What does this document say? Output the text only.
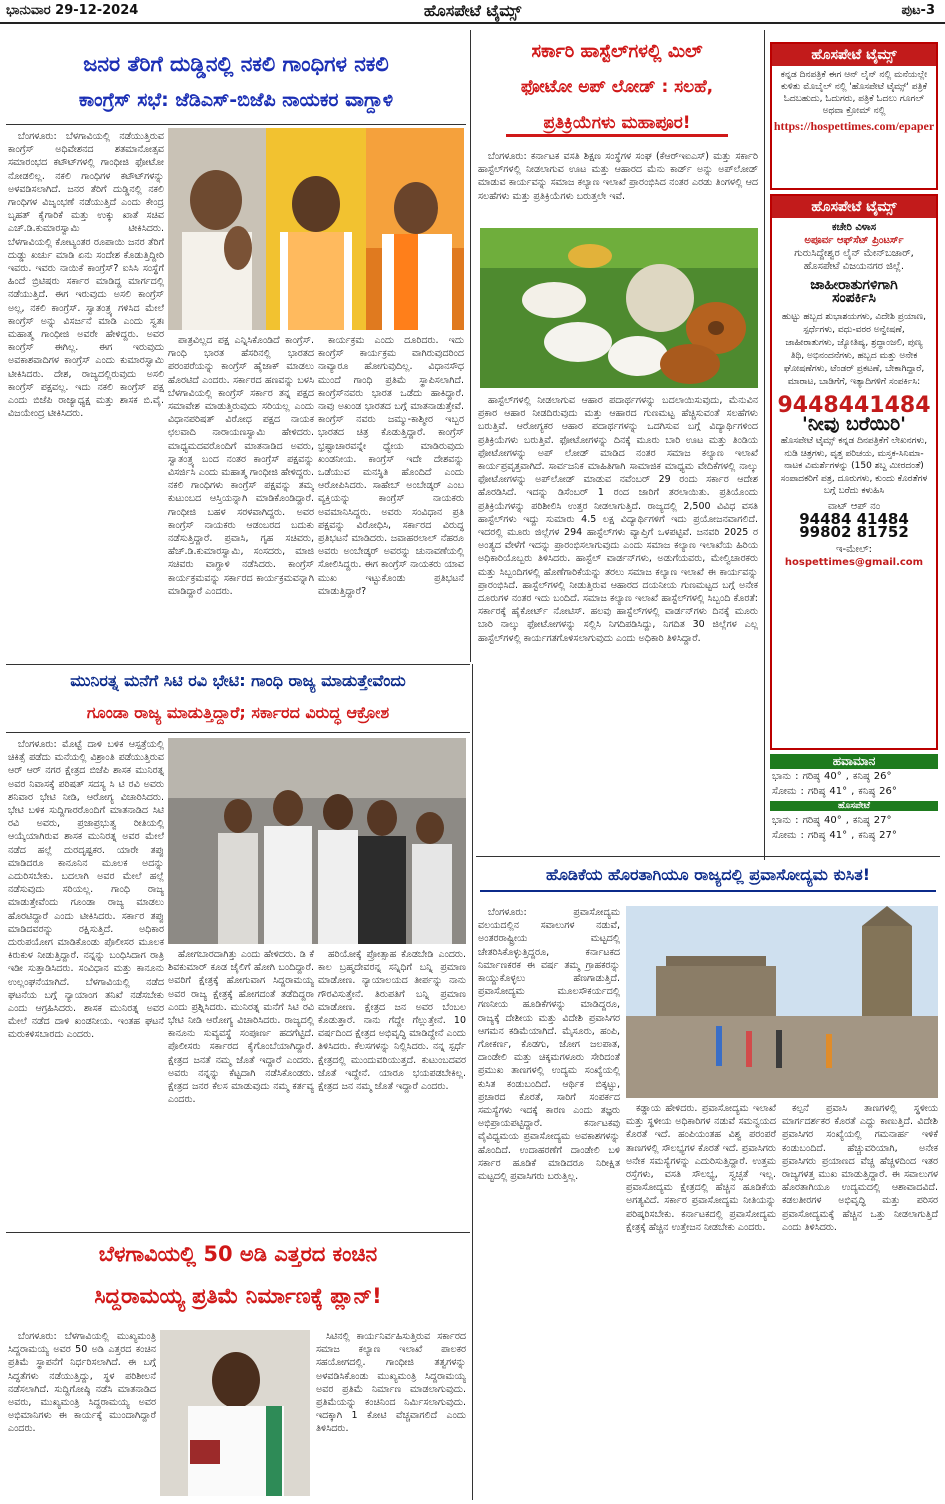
ಭಾನುವಾರ 29-12-2024	ಹೊಸಪೇಟೆ ಟೈಮ್ಸ್	ಪುಟ-3
ಜನರ ತೆರಿಗೆ ದುಡ್ಡಿನಲ್ಲಿ ನಕಲಿ ಗಾಂಧಿಗಳ ನಕಲಿ
ಕಾಂಗ್ರೆಸ್ ಸಭೆ: ಜೆಡಿಎಸ್-ಬಿಜೆಪಿ ನಾಯಕರ ವಾಗ್ದಾಳಿ

ಬೆಂಗಳೂರು: ಬೆಳಗಾವಿಯಲ್ಲಿ ನಡೆಯುತ್ತಿರುವ ಕಾಂಗ್ರೆಸ್ ಅಧಿವೇಶನದ ಶತಮಾನೋತ್ಸವ ಸಮಾರಂಭದ ಕಟೌಟ್‌ಗಳಲ್ಲಿ ಗಾಂಧೀಜಿ ಫೋಟೋ ನೋಡಲಿಲ್ಲ. ನಕಲಿ ಗಾಂಧಿಗಳ ಕಟೌಟ್‌ಗಳನ್ನು ಅಳವಡಿಸಲಾಗಿದೆ. ಜನರ ತೆರಿಗೆ ದುಡ್ಡಿನಲ್ಲಿ ನಕಲಿ ಗಾಂಧಿಗಳ ವಿಜೃಂಭಣೆ ನಡೆಯುತ್ತಿದೆ ಎಂದು ಕೇಂದ್ರ ಬೃಹತ್ ಕೈಗಾರಿಕೆ ಮತ್ತು ಉಕ್ಕು ಖಾತೆ ಸಚಿವ ಎಚ್.ಡಿ.ಕುಮಾರಸ್ವಾಮಿ ಟೀಕಿಸಿದರು. ಬೆಳಗಾವಿಯಲ್ಲಿ ಕೋಟ್ಯಂತರ ರೂಪಾಯಿ ಜನರ ತೆರಿಗೆ ದುಡ್ಡು ಖರ್ಚು ಮಾಡಿ ಏನು ಸಂದೇಶ ಕೊಡುತ್ತಿದ್ದೀರಿ ಇವರು. ಇವರು ನಾಯಿಕೆ ಕಾಂಗ್ರೆಸ್? ಐಸಿಸಿ ಸಂಸ್ಥೆಗೆ ಹಿಂದೆ ಬ್ರಿಟಿಷರು ಸರ್ಕಾರ ಮಾಡಿದ್ದ ಮಾರ್ಗದಲ್ಲಿ ನಡೆಯುತ್ತಿದೆ. ಈಗ ಇರುವುದು ಅಸಲಿ ಕಾಂಗ್ರೆಸ್ ಅಲ್ಲ, ನಕಲಿ ಕಾಂಗ್ರೆಸ್. ಸ್ವಾತಂತ್ರ್ಯ ಗಳಿಸಿದ ಮೇಲೆ ಕಾಂಗ್ರೆಸ್ ಅನ್ನು ವಿಸರ್ಜನೆ ಮಾಡಿ ಎಂದು ಸ್ವತಃ ಮಹಾತ್ಮ ಗಾಂಧೀಜಿ ಅವರೇ ಹೇಳಿದ್ದರು. ಅವರ ಕಾಂಗ್ರೆಸ್ ಈಗಿಲ್ಲ. ಈಗ ಇರುವುದು ಅವಕಾಶವಾದಿಗಳ ಕಾಂಗ್ರೆಸ್ ಎಂದು ಕುಮಾರಸ್ವಾಮಿ ಟೀಕಿಸಿದರು. ದೇಶ, ರಾಜ್ಯದಲ್ಲಿರುವುದು ಅಸಲಿ ಕಾಂಗ್ರೆಸ್ ಪಕ್ಷವಲ್ಲ. ಇದು ನಕಲಿ ಕಾಂಗ್ರೆಸ್ ಪಕ್ಷ ಎಂದು ಬಿಜೆಪಿ ರಾಜ್ಯಾಧ್ಯಕ್ಷ ಮತ್ತು ಶಾಸಕ ಬಿ.ವೈ. ವಿಜಯೇಂದ್ರ ಟೀಕಿಸಿದರು.

ಪಾತ್ರವಿಲ್ಲದ ಪಕ್ಷ ಎನ್ನಿಸಿಕೊಂಡಿದೆ ಕಾಂಗ್ರೆಸ್. ಗಾಂಧಿ ಭಾರತ ಹೆಸರಿನಲ್ಲಿ ಭಾರತದ ಪರಂಪರೆಯನ್ನು ಕಾಂಗ್ರೆಸ್ ಹೈಜಾಕ್ ಮಾಡಲು ಹೊರಟಿದೆ ಎಂದರು. ಸರ್ಕಾರದ ಹಣವನ್ನು ಬಳಸಿ ಬೆಳಗಾವಿಯಲ್ಲಿ ಕಾಂಗ್ರೆಸ್ ಸರ್ಕಾರ ತನ್ನ ಪಕ್ಷದ ಸಮಾವೇಶ ಮಾಡುತ್ತಿರುವುದು ಸರಿಯಲ್ಲ ಎಂದು ವಿಧಾನಪರಿಷತ್ ವಿರೋಧ ಪಕ್ಷದ ನಾಯಕ ಛಲವಾದಿ ನಾರಾಯಣಸ್ವಾಮಿ ಹೇಳಿದರು. ಮಾಧ್ಯಮದವರೊಂದಿಗೆ ಮಾತನಾಡಿದ ಅವರು, ಸ್ವಾತಂತ್ರ್ಯ ಬಂದ ನಂತರ ಕಾಂಗ್ರೆಸ್ ಪಕ್ಷವನ್ನು ವಿಸರ್ಜಿಸಿ ಎಂದು ಮಹಾತ್ಮ ಗಾಂಧೀಜಿ ಹೇಳಿದ್ದರು. ನಕಲಿ ಗಾಂಧಿಗಳು ಕಾಂಗ್ರೆಸ್ ಪಕ್ಷವನ್ನು ತಮ್ಮ ಕುಟುಂಬದ ಆಸ್ತಿಯನ್ನಾಗಿ ಮಾಡಿಕೊಂಡಿದ್ದಾರೆ. ಗಾಂಧೀಜಿ ಬಹಳ ಸರಳವಾಗಿದ್ದರು. ಅವರ ಕಾಂಗ್ರೆಸ್ ನಾಯಕರು ಆಡಂಬರದ ಬದುಕು ನಡೆಸುತ್ತಿದ್ದಾರೆ. ಪ್ರವಾಸಿ, ಗೃಹ ಸಚಿವರು, ಹೆಚ್.ಡಿ.ಕುಮಾರಸ್ವಾಮಿ, ಸಂಸದರು, ಮಾಜಿ ಸಚಿವರು ವಾಗ್ದಾಳಿ ನಡೆಸಿದರು. ಕಾಂಗ್ರೆಸ್ ಕಾರ್ಯಕ್ರಮವನ್ನು ಸರ್ಕಾರದ ಕಾರ್ಯಕ್ರಮವನ್ನಾಗಿ ಮಾಡಿದ್ದಾರೆ ಎಂದರು.

ಕಾರ್ಯಕ್ರಮ ಎಂದು ದೂರಿದರು. ಇದು ಕಾಂಗ್ರೆಸ್ ಕಾರ್ಯಕ್ರಮ ವಾಗಿರುವುದರಿಂದ ನಾವ್ಯಾರೂ ಹೋಗುವುದಿಲ್ಲ. ವಿಧಾನಸೌಧ ಮುಂದೆ ಗಾಂಧಿ ಪ್ರತಿಮೆ ಸ್ಥಾಪಿಸಲಾಗಿದೆ. ಕಾಂಗ್ರೆಸ್‌ನವರು ಭಾರತ ಒಡೆದು ಹಾಕಿದ್ದಾರೆ. ನಾವು ಅಖಂಡ ಭಾರತದ ಬಗ್ಗೆ ಮಾತನಾಡುತ್ತೇವೆ. ಕಾಂಗ್ರೆಸ್ ನವರು ಜಮ್ಮು-ಕಾಶ್ಮೀರ ಇಬ್ಬರ ಭಾರತದ ಚಿತ್ರ ಕೊಡುತ್ತಿದ್ದಾರೆ. ಕಾಂಗ್ರೆಸ್ ಭ್ರಷ್ಟಾಚಾರವನ್ನೇ ಧ್ಯೇಯ ಮಾಡಿರುವುದು ಖಂಡನೀಯ. ಕಾಂಗ್ರೆಸ್ ಇದೇ ದೇಶವನ್ನು ಒಡೆಯುವ ಮನಸ್ಥಿತಿ ಹೊಂದಿದೆ ಎಂದು ಆರೋಪಿಸಿದರು. ಸಾಹೇಬ್ ಅಂಬೇಡ್ಕರ್ ಎಂಬ ವ್ಯಕ್ತಿಯನ್ನು ಕಾಂಗ್ರೆಸ್ ನಾಯಕರು ಅವಮಾನಿಸಿದ್ದರು. ಅವರು ಸಂವಿಧಾನ ಪ್ರತಿ ಪಕ್ಷವನ್ನು ವಿರೋಧಿಸಿ, ಸರ್ಕಾರದ ವಿರುದ್ಧ ಪ್ರತಿಭಟನೆ ಮಾಡಿದರು. ಜವಾಹರಲಾಲ್ ನೆಹರೂ ಅವರು ಅಂಬೇಡ್ಕರ್ ಅವರನ್ನು ಚುನಾವಣೆಯಲ್ಲಿ ಸೋಲಿಸಿದ್ದರು. ಈಗ ಕಾಂಗ್ರೆಸ್ ನಾಯಕರು ಯಾವ ಮುಖ ಇಟ್ಟುಕೊಂಡು ಪ್ರತಿಭಟನೆ ಮಾಡುತ್ತಿದ್ದಾರೆ?

ಸರ್ಕಾರಿ ಹಾಸ್ಟೆಲ್‌ಗಳಲ್ಲಿ ಮಿಲ್
ಫೋಟೋ ಅಪ್ ಲೋಡ್ : ಸಲಹೆ,
ಪ್ರತಿಕ್ರಿಯೆಗಳು ಮಹಾಪೂರ!

ಬೆಂಗಳೂರು: ಕರ್ನಾಟಕ ವಸತಿ ಶಿಕ್ಷಣ ಸಂಸ್ಥೆಗಳ ಸಂಘ (ಕೆಆರ್‌ಇಐಎಸ್) ಮತ್ತು ಸರ್ಕಾರಿ ಹಾಸ್ಟೆಲ್‌ಗಳಲ್ಲಿ ನೀಡಲಾಗುವ ಊಟ ಮತ್ತು ಆಹಾರದ ಮೆನು ಕಾರ್ಡ್ ಅನ್ನು ಅಪ್‌ಲೋಡ್ ಮಾಡುವ ಕಾರ್ಯವನ್ನು ಸಮಾಜ ಕಲ್ಯಾಣ ಇಲಾಖೆ ಪ್ರಾರಂಭಿಸಿದ ನಂತರ ಎರಡು ತಿಂಗಳಲ್ಲಿ ಆದ ಸಲಹೆಗಳು ಮತ್ತು ಪ್ರತಿಕ್ರಿಯೆಗಳು ಬರುತ್ತಲೇ ಇವೆ.

ಹಾಸ್ಟೆಲ್‌ಗಳಲ್ಲಿ ನೀಡಲಾಗುವ ಆಹಾರ ಪದಾರ್ಥಗಳನ್ನು ಬದಲಾಯಿಸುವುದು, ಮೆನುವಿನ ಪ್ರಕಾರ ಆಹಾರ ನೀಡದಿರುವುದು ಮತ್ತು ಆಹಾರದ ಗುಣಮಟ್ಟ ಹೆಚ್ಚಿಸುವಂತೆ ಸಲಹೆಗಳು ಬರುತ್ತಿವೆ. ಆರೋಗ್ಯಕರ ಆಹಾರ ಪದಾರ್ಥಗಳನ್ನು ಒದಗಿಸುವ ಬಗ್ಗೆ ವಿದ್ಯಾರ್ಥಿಗಳಿಂದ ಪ್ರತಿಕ್ರಿಯೆಗಳು ಬರುತ್ತಿವೆ. ಫೋಟೋಗಳನ್ನು ದಿನಕ್ಕೆ ಮೂರು ಬಾರಿ ಊಟ ಮತ್ತು ತಿಂಡಿಯ ಫೋಟೋಗಳನ್ನು ಅಪ್ ಲೋಡ್ ಮಾಡಿದ ನಂತರ ಸಮಾಜ ಕಲ್ಯಾಣ ಇಲಾಖೆ ಕಾರ್ಯಪ್ರವೃತ್ತವಾಗಿದೆ. ಸಾರ್ವಜನಿಕ ಮಾಹಿತಿಗಾಗಿ ಸಾಮಾಜಿಕ ಮಾಧ್ಯಮ ವೇದಿಕೆಗಳಲ್ಲಿ ನಾಲ್ಕು ಫೋಟೋಗಳನ್ನು ಅಪ್‌ಲೋಡ್ ಮಾಡುವ ನವೆಂಬರ್ 29 ರಂದು ಸರ್ಕಾರ ಆದೇಶ ಹೊರಡಿಸಿದೆ. ಇದನ್ನು ಡಿಸೆಂಬರ್ 1 ರಂದ ಜಾರಿಗೆ ತರಲಾಯಿತು. ಪ್ರತಿಯೊಂದು ಪ್ರತಿಕ್ರಿಯೆಗಳನ್ನು ಪರಿಶೀಲಿಸಿ ಉತ್ತರ ನೀಡಲಾಗುತ್ತಿದೆ. ರಾಜ್ಯದಲ್ಲಿ 2,500 ವಿವಿಧ ವಸತಿ ಹಾಸ್ಟೆಲ್‌ಗಳು ಇದ್ದು ಸುಮಾರು 4.5 ಲಕ್ಷ ವಿದ್ಯಾರ್ಥಿಗಳಿಗೆ ಇದು ಪ್ರಯೋಜನವಾಗಲಿದೆ. ಇದರಲ್ಲಿ ಮೂರು ಜಿಲ್ಲೆಗಳ 294 ಹಾಸ್ಟೆಲ್‌ಗಳು ವ್ಯಾಪ್ತಿಗೆ ಒಳಪಟ್ಟಿವೆ. ಜನವರಿ 2025 ರ ಅಂತ್ಯದ ವೇಳೆಗೆ ಇದನ್ನು ಪ್ರಾರಂಭಿಸಲಾಗುವುದು ಎಂದು ಸಮಾಜ ಕಲ್ಯಾಣ ಇಲಾಖೆಯ ಹಿರಿಯ ಅಧಿಕಾರಿಯೊಬ್ಬರು ತಿಳಿಸಿದರು. ಹಾಸ್ಟೆಲ್ ವಾರ್ಡನ್‌ಗಳು, ಅಡುಗೆಯವರು, ಮೇಲ್ವಿಚಾರಕರು ಮತ್ತು ಸಿಬ್ಬಂದಿಗಳಲ್ಲಿ ಹೊಣೆಗಾರಿಕೆಯನ್ನು ತರಲು ಸಮಾಜ ಕಲ್ಯಾಣ ಇಲಾಖೆ ಈ ಕಾರ್ಯವನ್ನು ಪ್ರಾರಂಭಿಸಿದೆ. ಹಾಸ್ಟೆಲ್‌ಗಳಲ್ಲಿ ನೀಡುತ್ತಿರುವ ಆಹಾರದ ದಯನೀಯ ಗುಣಮಟ್ಟದ ಬಗ್ಗೆ ಅನೇಕ ದೂರುಗಳ ನಂತರ ಇದು ಬಂದಿದೆ. ಸಮಾಜ ಕಲ್ಯಾಣ ಇಲಾಖೆ ಹಾಸ್ಟೆಲ್‌ಗಳಲ್ಲಿ ಸಿಬ್ಬಂದಿ ಕೊರತೆ: ಸರ್ಕಾರಕ್ಕೆ ಹೈಕೋರ್ಟ್ ನೋಟಿಸ್. ಹಲವು ಹಾಸ್ಟೆಲ್‌ಗಳಲ್ಲಿ ವಾರ್ಡನ್‌ಗಳು ದಿನಕ್ಕೆ ಮೂರು ಬಾರಿ ನಾಲ್ಕು ಫೋಟೋಗಳನ್ನು ಸಲ್ಲಿಸಿ ನಿಗದಿಪಡಿಸಿದ್ದು, ನಿಗದಿತ 30 ಜಿಲ್ಲೆಗಳ ಎಲ್ಲ ಹಾಸ್ಟೆಲ್‌ಗಳಲ್ಲಿ ಕಾರ್ಯಗತಗೊಳಿಸಲಾಗುವುದು ಎಂದು ಅಧಿಕಾರಿ ತಿಳಿಸಿದ್ದಾರೆ.

ಹೊಸಪೇಟೆ ಟೈಮ್ಸ್
ಕನ್ನಡ ದಿನಪತ್ರಿಕೆ ಈಗ ಆನ್ ಲೈನ್ ನಲ್ಲಿ ಮನೆಯಲ್ಲೇ ಕುಳಿತು ಮೊಬೈಲ್ ನಲ್ಲಿ 'ಹೊಸಪೇಟೆ ಟೈಮ್ಸ್' ಪತ್ರಿಕೆ ಓದಬಹುದು, ಓದುಗರು, ಪತ್ರಿಕೆ ಓದಲು ಗೂಗಲ್ ಅಥವಾ ಕ್ರೋಮ್ ನಲ್ಲಿ
https://hospettimes.com/epaper
ಹೊಸಪೇಟೆ ಟೈಮ್ಸ್
ಕಚೇರಿ ವಿಳಾಸ
ಅಪೂರ್ವ ಆಫ್‌ಸೆಟ್ ಪ್ರಿಂಟರ್ಸ್
ಗುರುಸಿದ್ದೇಶ್ವರ ಲೈನ್ ಮೇನ್‌ಬಜಾರ್, ಹೊಸಪೇಟೆ ವಿಜಯನಗರ ಜಿಲ್ಲೆ.
ಜಾಹೀರಾತುಗಳಿಗಾಗಿ
ಸಂಪರ್ಕಿಸಿ
ಹುಟ್ಟು ಹಬ್ಬದ ಶುಭಾಶಯಗಳು, ವಿದೇಶಿ ಪ್ರಯಾಣ, ಸ್ಪರ್ಧೆಗಳು, ವಧು-ವರರ ಅನ್ವೇಷಣೆ, ಜಾಹೀರಾತುಗಳು, ಜ್ಯೋತಿಷ್ಯ, ಶ್ರದ್ಧಾಂಜಲಿ, ಪುಣ್ಯ ತಿಥಿ, ಅಭಿನಂದನೆಗಳು, ಹಬ್ಬದ ಮತ್ತು ಅನೇಕ ಘೋಷಣೆಗಳು, ಟೆಂಡರ್ ಪ್ರಕಟಣೆ, ಬೇಕಾಗಿದ್ದಾರೆ, ಮಾರಾಟ, ಬಾಡಿಗೆಗೆ, ಇತ್ಯಾದಿಗಳಿಗೆ ಸಂಪರ್ಕಿಸಿ:
9448441484
'ನೀವು ಬರೆಯಿರಿ'
ಹೊಸಪೇಟೆ ಟೈಮ್ಸ್ ಕನ್ನಡ ದಿನಪತ್ರಿಕೆಗೆ ಲೇಖನಗಳು, ನುಡಿ ಚಿತ್ರಗಳು, ವೃತ್ತ ಪರಿಚಯ, ಮಸ್ತಕ-ಸಿನಿಮಾ-ನಾಟಕ ವಿಮರ್ಶೆಗಳನ್ನು (150 ಶಬ್ದ ಮೀರದಂತೆ) ಸಂಪಾದಕರಿಗೆ ಪತ್ರ, ದೂರುಗಳು, ಕುಂದು ಕೊರತೆಗಳ ಬಗ್ಗೆ ಬರೆದು ಕಳುಹಿಸಿ
ವಾಟ್ ಆಪ್ ನಂ
94484 41484
99802 81752
ಇ-ಮೇಲ್: hospettimes@gmail.com
ಹವಾಮಾನ
ಭಾನು : ಗರಿಷ್ಠ 40° , ಕನಿಷ್ಠ 26°
ಸೋಮ : ಗರಿಷ್ಠ 41° , ಕನಿಷ್ಠ 26°
ಹೊಸಪೇಟೆ
ಭಾನು : ಗರಿಷ್ಠ 40° , ಕನಿಷ್ಠ 27°
ಸೋಮ : ಗರಿಷ್ಠ 41° , ಕನಿಷ್ಠ 27°
ಮುನಿರತ್ನ ಮನೆಗೆ ಸಿಟಿ ರವಿ ಭೇಟಿ: ಗಾಂಧಿ ರಾಜ್ಯ ಮಾಡುತ್ತೇವೆಂದು
ಗೂಂಡಾ ರಾಜ್ಯ ಮಾಡುತ್ತಿದ್ದಾರೆ; ಸರ್ಕಾರದ ವಿರುದ್ಧ ಆಕ್ರೋಶ

ಬೆಂಗಳೂರು: ಮೊಟ್ಟೆ ದಾಳಿ ಬಳಿಕ ಆಸ್ಪತ್ರೆಯಲ್ಲಿ ಚಿಕಿತ್ಸೆ ಪಡೆದು ಮನೆಯಲ್ಲಿ ವಿಶ್ರಾಂತಿ ಪಡೆಯುತ್ತಿರುವ ಆರ್ ಆರ್ ನಗರ ಕ್ಷೇತ್ರದ ಬಿಜೆಪಿ ಶಾಸಕ ಮುನಿರತ್ನ ಅವರ ನಿವಾಸಕ್ಕೆ ಪರಿಷತ್ ಸದಸ್ಯ ಸಿ ಟಿ ರವಿ ಅವರು ಶನಿವಾರ ಭೇಟಿ ನೀಡಿ, ಆರೋಗ್ಯ ವಿಚಾರಿಸಿದರು. ಭೇಟಿ ಬಳಿಕ ಸುದ್ದಿಗಾರರೊಂದಿಗೆ ಮಾತನಾಡಿದ ಸಿಟಿ ರವಿ ಅವರು, ಪ್ರಜಾಪ್ರಭುತ್ವ ರೀತಿಯಲ್ಲಿ ಆಯ್ಕೆಯಾಗಿರುವ ಶಾಸಕ ಮುನಿರತ್ನ ಅವರ ಮೇಲೆ ನಡೆದ ಹಲ್ಲೆ ದುರದೃಷ್ಟಕರ. ಯಾರೇ ತಪ್ಪು ಮಾಡಿದರೂ ಕಾನೂನಿನ ಮೂಲಕ ಅದನ್ನು ಎದುರಿಸಬೇಕು. ಬದಲಾಗಿ ಅವರ ಮೇಲೆ ಹಲ್ಲೆ ನಡೆಸುವುದು ಸರಿಯಲ್ಲ. ಗಾಂಧಿ ರಾಜ್ಯ ಮಾಡುತ್ತೇವೆಂದು ಗೂಂಡಾ ರಾಜ್ಯ ಮಾಡಲು ಹೊರಟಿದ್ದಾರೆ ಎಂದು ಟೀಕಿಸಿದರು. ಸರ್ಕಾರ ತಪ್ಪು ಮಾಡಿದವರನ್ನು ರಕ್ಷಿಸುತ್ತಿದೆ. ಅಧಿಕಾರ ದುರುಪಯೋಗ ಮಾಡಿಕೊಂಡು ಪೊಲೀಸರ ಮೂಲಕ ಕಿರುಕುಳ ನೀಡುತ್ತಿದ್ದಾರೆ. ನನ್ನನ್ನು ಬಂಧಿಸಿದಾಗ ರಾತ್ರಿ ಇಡೀ ಸುತ್ತಾಡಿಸಿದರು. ಸಂವಿಧಾನ ಮತ್ತು ಕಾನೂನು ಉಲ್ಲಂಘನೆಯಾಗಿದೆ. ಬೆಳಗಾವಿಯಲ್ಲಿ ನಡೆದ ಘಟನೆಯ ಬಗ್ಗೆ ನ್ಯಾಯಾಂಗ ತನಿಖೆ ನಡೆಸಬೇಕು ಎಂದು ಆಗ್ರಹಿಸಿದರು. ಶಾಸಕ ಮುನಿರತ್ನ ಅವರ ಮೇಲೆ ನಡೆದ ದಾಳಿ ಖಂಡನೀಯ. ಇಂತಹ ಘಟನೆ ಮರುಕಳಿಸಬಾರದು ಎಂದರು.

ಹೋಗಬಾರದಾಗಿತ್ತು ಎಂದು ಹೇಳಿದರು. ಡಿ ಕೆ ಶಿವಕುಮಾರ್ ಕೂಡ ಜೈಲಿಗೆ ಹೋಗಿ ಬಂದಿದ್ದಾರೆ. ಅವರಿಗೆ ಕ್ಷೇತ್ರಕ್ಕೆ ಹೋಗುವಾಗ ಸಿದ್ದರಾಮಯ್ಯ ಅವರ ರಾಜ್ಯ ಕ್ಷೇತ್ರಕ್ಕೆ ಹೋಗದಂತೆ ತಡೆದಿದ್ದರಾ ಎಂದು ಪ್ರಶ್ನಿಸಿದರು. ಮುನಿರತ್ನ ಮನೆಗೆ ಸಿಟಿ ರವಿ ಭೇಟಿ ನೀಡಿ ಆರೋಗ್ಯ ವಿಚಾರಿಸಿದರು. ರಾಜ್ಯದಲ್ಲಿ ಕಾನೂನು ಸುವ್ಯವಸ್ಥೆ ಸಂಪೂರ್ಣ ಹದಗೆಟ್ಟಿದೆ. ಪೊಲೀಸರು ಸರ್ಕಾರದ ಕೈಗೊಂಬೆಯಾಗಿದ್ದಾರೆ. ಕ್ಷೇತ್ರದ ಜನತೆ ನಮ್ಮ ಜೊತೆ ಇದ್ದಾರೆ ಎಂದರು. ಅವರು ನನ್ನನ್ನು ಕೆಟ್ಟದಾಗಿ ನಡೆಸಿಕೊಂಡರು. ಕ್ಷೇತ್ರದ ಜನರ ಕೆಲಸ ಮಾಡುವುದು ನಮ್ಮ ಕರ್ತವ್ಯ ಎಂದರು.

ಹರಿಯೋಕ್ಕೆ ಪ್ರೋತ್ಸಾಹ ಕೊಡಬೇಡಿ ಎಂದರು. ಕಾಲ ಬ್ರಹ್ಮದೇವರನ್ನ ಸನ್ನಿಧಿಗೆ ಬನ್ನಿ ಪ್ರಮಾಣ ಮಾಡೋಣ. ನ್ಯಾಯಾಲಯದ ತೀರ್ಪನ್ನು ನಾನು ಗೌರವಿಸುತ್ತೇನೆ. ತಿರುಪತಿಗೆ ಬನ್ನಿ ಪ್ರಮಾಣ ಮಾಡೋಣ. ಕ್ಷೇತ್ರದ ಜನ ಅವರ ಬೆಂಬಲ ಕೊಡುತ್ತಾರೆ. ನಾನು ಗೆದ್ದೇ ಗೆಲ್ಲುತ್ತೇನೆ. 10 ವರ್ಷದಿಂದ ಕ್ಷೇತ್ರದ ಅಭಿವೃದ್ಧಿ ಮಾಡಿದ್ದೇನೆ ಎಂದು ತಿಳಿಸಿದರು. ಕೆಲಸಗಳನ್ನು ನಿಲ್ಲಿಸಿದರು. ನನ್ನ ಸ್ಪರ್ಧೆ ಕ್ಷೇತ್ರದಲ್ಲಿ ಮುಂದುವರಿಯುತ್ತದೆ. ಕುಟುಂಬದವರ ಜೊತೆ ಇದ್ದೇನೆ. ಯಾರೂ ಭಯಪಡಬೇಕಿಲ್ಲ. ಕ್ಷೇತ್ರದ ಜನ ನಮ್ಮ ಜೊತೆ ಇದ್ದಾರೆ ಎಂದರು.

ಹೊಡಿಕೆಯ ಹೊರತಾಗಿಯೂ ರಾಜ್ಯದಲ್ಲಿ ಪ್ರವಾಸೋದ್ಯಮ ಕುಸಿತ!

ಬೆಂಗಳೂರು: ಪ್ರವಾಸೋದ್ಯಮ ವಲಯದಲ್ಲಿನ ಸವಾಲುಗಳ ನಡುವೆ, ಅಂತರರಾಷ್ಟ್ರೀಯ ಮಟ್ಟದಲ್ಲಿ ಚೇತರಿಸಿಕೊಳ್ಳುತ್ತಿದ್ದರೂ, ಕರ್ನಾಟಕದ ನಿರ್ಮಾಣಕರಕ ಈ ವರ್ಷ ತಮ್ಮ ಗ್ರಾಹಕರನ್ನು ಕಾಯ್ದುಕೊಳ್ಳಲು ಹೆಣಗಾಡುತ್ತಿದೆ. ಪ್ರವಾಸೋದ್ಯಮ ಮೂಲಸೌಕರ್ಯದಲ್ಲಿ ಗಣನೀಯ ಹೂಡಿಕೆಗಳನ್ನು ಮಾಡಿದ್ದರೂ, ರಾಜ್ಯಕ್ಕೆ ದೇಶೀಯ ಮತ್ತು ವಿದೇಶಿ ಪ್ರವಾಸಿಗರ ಆಗಮನ ಕಡಿಮೆಯಾಗಿದೆ. ಮೈಸೂರು, ಹಂಪಿ, ಗೋಕರ್ಣ, ಕೊಡಗು, ಜೋಗ ಜಲಪಾತ, ದಾಂಡೇಲಿ ಮತ್ತು ಚಿಕ್ಕಮಗಳೂರು ಸೇರಿದಂತೆ ಪ್ರಮುಖ ತಾಣಗಳಲ್ಲಿ ಉದ್ಯಮ ಸಂಖ್ಯೆಯಲ್ಲಿ ಕುಸಿತ ಕಂಡುಬಂದಿದೆ. ಆರ್ಥಿಕ ಬಿಕ್ಕಟ್ಟು, ಪ್ರಚಾರದ ಕೊರತೆ, ಸಾರಿಗೆ ಸಂಪರ್ಕದ ಸಮಸ್ಯೆಗಳು ಇದಕ್ಕೆ ಕಾರಣ ಎಂದು ತಜ್ಞರು ಅಭಿಪ್ರಾಯಪಟ್ಟಿದ್ದಾರೆ. ಕರ್ನಾಟಕವು ವೈವಿಧ್ಯಮಯ ಪ್ರವಾಸೋದ್ಯಮ ಅವಕಾಶಗಳನ್ನು ಹೊಂದಿದೆ. ಉದಾಹರಣೆಗೆ ದಾಂಡೇಲಿ ಬಳಿ ಸರ್ಕಾರ ಹೂಡಿಕೆ ಮಾಡಿದರೂ ನಿರೀಕ್ಷಿತ ಮಟ್ಟದಲ್ಲಿ ಪ್ರವಾಸಿಗರು ಬರುತ್ತಿಲ್ಲ.

ಕಡ್ಡಾಯ ಹೇಳಿದರು. ಪ್ರವಾಸೋದ್ಯಮ ಇಲಾಖೆ ಮತ್ತು ಸ್ಥಳೀಯ ಅಧಿಕಾರಿಗಳ ನಡುವೆ ಸಮನ್ವಯದ ಕೊರತೆ ಇದೆ. ಹಂಪಿಯಂತಹ ವಿಶ್ವ ಪರಂಪರೆ ತಾಣಗಳಲ್ಲಿ ಸೌಲಭ್ಯಗಳ ಕೊರತೆ ಇದೆ. ಪ್ರವಾಸಿಗರು ಅನೇಕ ಸಮಸ್ಯೆಗಳನ್ನು ಎದುರಿಸುತ್ತಿದ್ದಾರೆ. ಉತ್ತಮ ರಸ್ತೆಗಳು, ವಸತಿ ಸೌಲಭ್ಯ, ಸ್ವಚ್ಛತೆ ಇಲ್ಲ. ಪ್ರವಾಸೋದ್ಯಮ ಕ್ಷೇತ್ರದಲ್ಲಿ ಹೆಚ್ಚಿನ ಹೂಡಿಕೆಯ ಅಗತ್ಯವಿದೆ. ಸರ್ಕಾರ ಪ್ರವಾಸೋದ್ಯಮ ನೀತಿಯನ್ನು ಪರಿಷ್ಕರಿಸಬೇಕು. ಕರ್ನಾಟಕದಲ್ಲಿ ಪ್ರವಾಸೋದ್ಯಮ ಕ್ಷೇತ್ರಕ್ಕೆ ಹೆಚ್ಚಿನ ಉತ್ತೇಜನ ನೀಡಬೇಕು ಎಂದರು.

ಕಲ್ಪನೆ ಪ್ರವಾಸಿ ತಾಣಗಳಲ್ಲಿ ಸ್ಥಳೀಯ ಮಾರ್ಗದರ್ಶಕರ ಕೊರತೆ ಎದ್ದು ಕಾಣುತ್ತಿದೆ. ವಿದೇಶಿ ಪ್ರವಾಸಿಗರ ಸಂಖ್ಯೆಯಲ್ಲಿ ಗಮನಾರ್ಹ ಇಳಿಕೆ ಕಂಡುಬಂದಿದೆ. ಹೆಚ್ಚುವರಿಯಾಗಿ, ಅನೇಕ ಪ್ರವಾಸಿಗರು ಪ್ರಯಾಣದ ವೆಚ್ಚ ಹೆಚ್ಚಳದಿಂದ ಇತರ ರಾಜ್ಯಗಳತ್ತ ಮುಖ ಮಾಡುತ್ತಿದ್ದಾರೆ. ಈ ಸವಾಲುಗಳ ಹೊರತಾಗಿಯೂ ಉದ್ಯಮದಲ್ಲಿ ಆಶಾವಾದವಿದೆ. ಕಡಲತೀರಗಳ ಅಭಿವೃದ್ಧಿ ಮತ್ತು ಪರಿಸರ ಪ್ರವಾಸೋದ್ಯಮಕ್ಕೆ ಹೆಚ್ಚಿನ ಒತ್ತು ನೀಡಲಾಗುತ್ತಿದೆ ಎಂದು ತಿಳಿಸಿದರು.

ಬೆಳಗಾವಿಯಲ್ಲಿ 50 ಅಡಿ ಎತ್ತರದ ಕಂಚಿನ
ಸಿದ್ದರಾಮಯ್ಯ ಪ್ರತಿಮೆ ನಿರ್ಮಾಣಕ್ಕೆ ಪ್ಲಾನ್!

ಬೆಂಗಳೂರು: ಬೆಳಗಾವಿಯಲ್ಲಿ ಮುಖ್ಯಮಂತ್ರಿ ಸಿದ್ದರಾಮಯ್ಯ ಅವರ 50 ಅಡಿ ಎತ್ತರದ ಕಂಚಿನ ಪ್ರತಿಮೆ ಸ್ಥಾಪನೆಗೆ ನಿರ್ಧರಿಸಲಾಗಿದೆ. ಈ ಬಗ್ಗೆ ಸಿದ್ಧತೆಗಳು ನಡೆಯುತ್ತಿದ್ದು, ಸ್ಥಳ ಪರಿಶೀಲನೆ ನಡೆಸಲಾಗಿದೆ. ಸುದ್ದಿಗೋಷ್ಠಿ ನಡೆಸಿ ಮಾತನಾಡಿದ ಅವರು, ಮುಖ್ಯಮಂತ್ರಿ ಸಿದ್ದರಾಮಯ್ಯ ಅವರ ಅಭಿಮಾನಿಗಳು ಈ ಕಾರ್ಯಕ್ಕೆ ಮುಂದಾಗಿದ್ದಾರೆ ಎಂದರು.

ಸಿಟಿನಲ್ಲಿ ಕಾರ್ಯನಿರ್ವಹಿಸುತ್ತಿರುವ ಸರ್ಕಾರದ ಸಮಾಜ ಕಲ್ಯಾಣ ಇಲಾಖೆ ಪಾಲಕರ ಸಹಯೋಗದಲ್ಲಿ. ಗಾಂಧೀಜಿ ತತ್ವಗಳನ್ನು ಅಳವಡಿಸಿಕೊಂಡು ಮುಖ್ಯಮಂತ್ರಿ ಸಿದ್ದರಾಮಯ್ಯ ಅವರ ಪ್ರತಿಮೆ ನಿರ್ಮಾಣ ಮಾಡಲಾಗುವುದು. ಪ್ರತಿಮೆಯನ್ನು ಕಂಚಿನಿಂದ ನಿರ್ಮಿಸಲಾಗುವುದು. ಇದಕ್ಕಾಗಿ 1 ಕೋಟಿ ವೆಚ್ಚವಾಗಲಿದೆ ಎಂದು ತಿಳಿಸಿದರು.
